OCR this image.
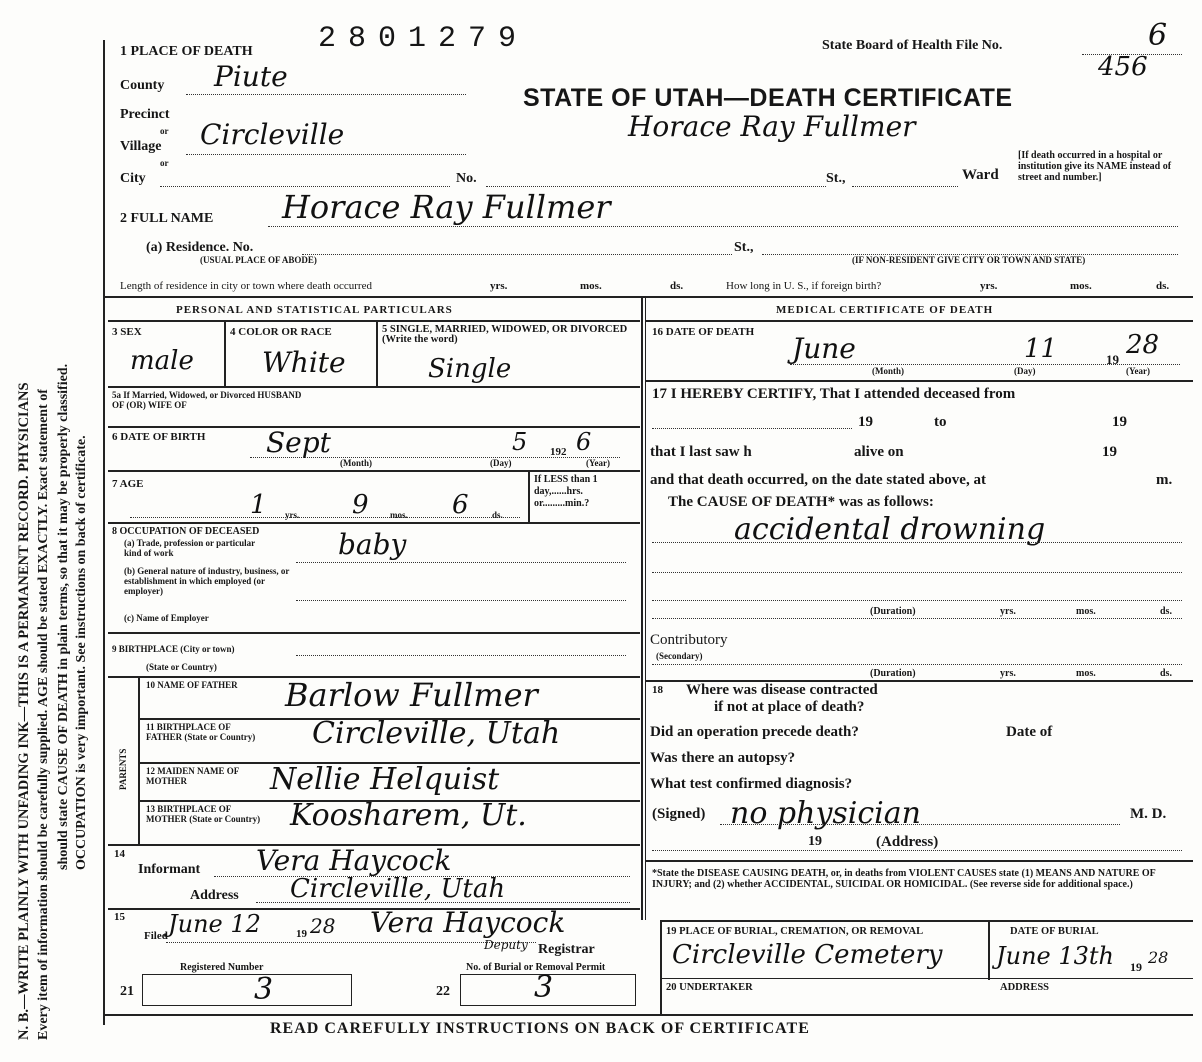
N. B.—WRITE PLAINLY WITH UNFADING INK—THIS IS A PERMANENT RECORD. PHYSICIANS Every item of information should be carefully supplied. AGE should be stated EXACTLY. Exact statement of should state CAUSE OF DEATH in plain terms, so that it may be properly classified. OCCUPATION is very important. See instructions on back of certificate.
1 PLACE OF DEATH 2801279	State Board of Health File No.	6
456
STATE OF UTAH—DEATH CERTIFICATE
Horace Ray Fullmer
County Piute
Precinct
or
Village Circleville
or
City	No.	St.,	Ward
[If death occurred in a hospital or institution give its NAME instead of street and number.]
2 FULL NAME Horace Ray Fullmer
(a) Residence. No.
(USUAL PLACE OF ABODE)
St.,
(IF NON-RESIDENT GIVE CITY OR TOWN AND STATE)
Length of residence in city or town where death occurred	yrs.	mos.	ds.	How long in U. S., if foreign birth?	yrs.	mos.	ds.
PERSONAL AND STATISTICAL PARTICULARS	MEDICAL CERTIFICATE OF DEATH
3 SEX
male
4 COLOR OR RACE
White
5 SINGLE, MARRIED, WIDOWED, OR DIVORCED (Write the word)
Single
5a If Married, Widowed, or Divorced HUSBAND OF (OR) WIFE OF
6 DATE OF BIRTH Sept	5 192 6
(Month)	(Day)	(Year)
7 AGE
1	9	6
yrs.	mos.	ds.
If LESS than 1 day,......hrs. or.........min.?
8 OCCUPATION OF DECEASED
(a) Trade, profession or particular kind of work
(b) General nature of industry, business, or establishment in which employed (or employer)
baby
(c) Name of Employer
9 BIRTHPLACE (City or town)
(State or Country)
PARENTS
10 NAME OF FATHER	Barlow Fullmer
11 BIRTHPLACE OF FATHER (State or Country)	Circleville, Utah
12 MAIDEN NAME OF MOTHER	Nellie Helquist
13 BIRTHPLACE OF MOTHER (State or Country) Koosharem, Ut.
14
Informant Vera Haycock
Address Circleville, Utah
15
Filed June 12	19 28 Vera Haycock
Deputy Registrar
Registered Number	No. of Burial or Removal Permit
21	3	22	3
16 DATE OF DEATH June	11	19 28
(Month)	(Day)	(Year)
17 I HEREBY CERTIFY, That I attended deceased from
19	to	19
that I last saw h	alive on	19
and that death occurred, on the date stated above, at	m.
The CAUSE OF DEATH* was as follows:
accidental drowning
(Duration)	yrs.	mos.	ds.
Contributory
(Secondary)
(Duration)	yrs.	mos.	ds.
18 Where was disease contracted
if not at place of death?
Did an operation precede death?	Date of
Was there an autopsy?
What test confirmed diagnosis?
(Signed) no physician	M. D.
19	(Address)
*State the DISEASE CAUSING DEATH, or, in deaths from VIOLENT CAUSES state (1) MEANS AND NATURE OF INJURY; and (2) whether ACCIDENTAL, SUICIDAL OR HOMICIDAL. (See reverse side for additional space.)
19 PLACE OF BURIAL, CREMATION, OR REMOVAL
Circleville Cemetery
DATE OF BURIAL
June 13th 19 28
20 UNDERTAKER	ADDRESS
READ CAREFULLY INSTRUCTIONS ON BACK OF CERTIFICATE
